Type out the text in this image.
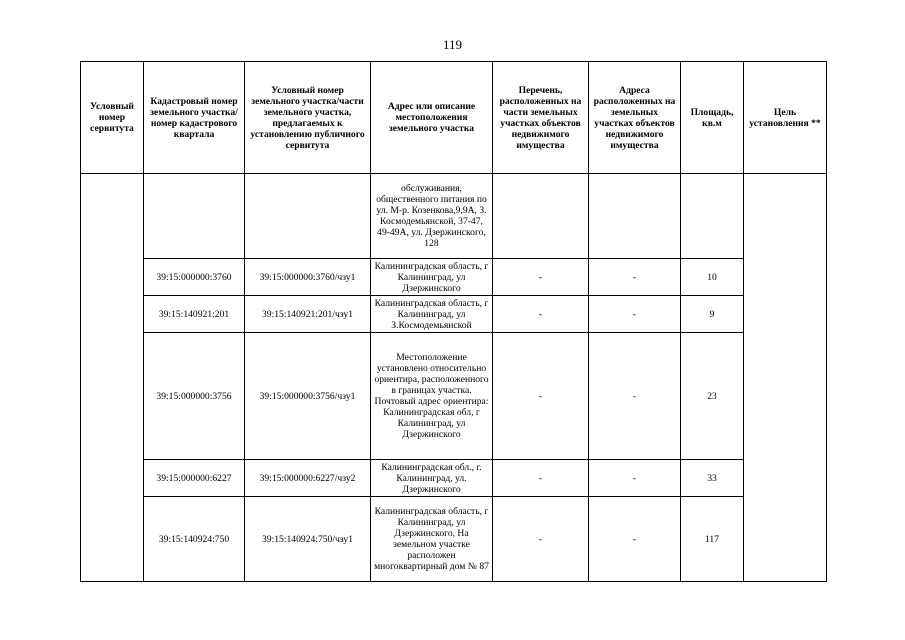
119
Условный номер сервитута	Кадастровый номер земельного участка/номер кадастрового квартала	Условный номер земельного участка/части земельного участка, предлагаемых к установлению публичного сервитута	Адрес или описание местоположения земельного участка	Перечень, расположенных на части земельных участках объектов недвижимого имущества	Адреса расположенных на земельных участках объектов недвижимого имущества	Площадь, кв.м	Цель установления **
			обслуживания, общественного питания по ул. М-р. Козенкова,9,9А, З. Космодемьянской, 37-47, 49-49А, ул. Дзержинского, 128				
	39:15:000000:3760	39:15:000000:3760/чзу1	Калининградская область, г Калининград, ул Дзержинского	-	-	10	
	39:15:140921:201	39:15:140921:201/чзу1	Калининградская область, г Калининград, ул З.Космодемьянской	-	-	9	
	39:15:000000:3756	39:15:000000:3756/чзу1	Местоположение установлено относительно ориентира, расположенного в границах участка. Почтовый адрес ориентира: Калининградская обл, г Калининград, ул Дзержинского	-	-	23	
	39:15:000000:6227	39:15:000000:6227/чзу2	Калининградская обл., г. Калининград, ул. Дзержинского	-	-	33	
	39:15:140924:750	39:15:140924:750/чзу1	Калининградская область, г Калининград, ул Дзержинского, На земельном участке расположен многоквартирный дом № 87	-	-	117	
